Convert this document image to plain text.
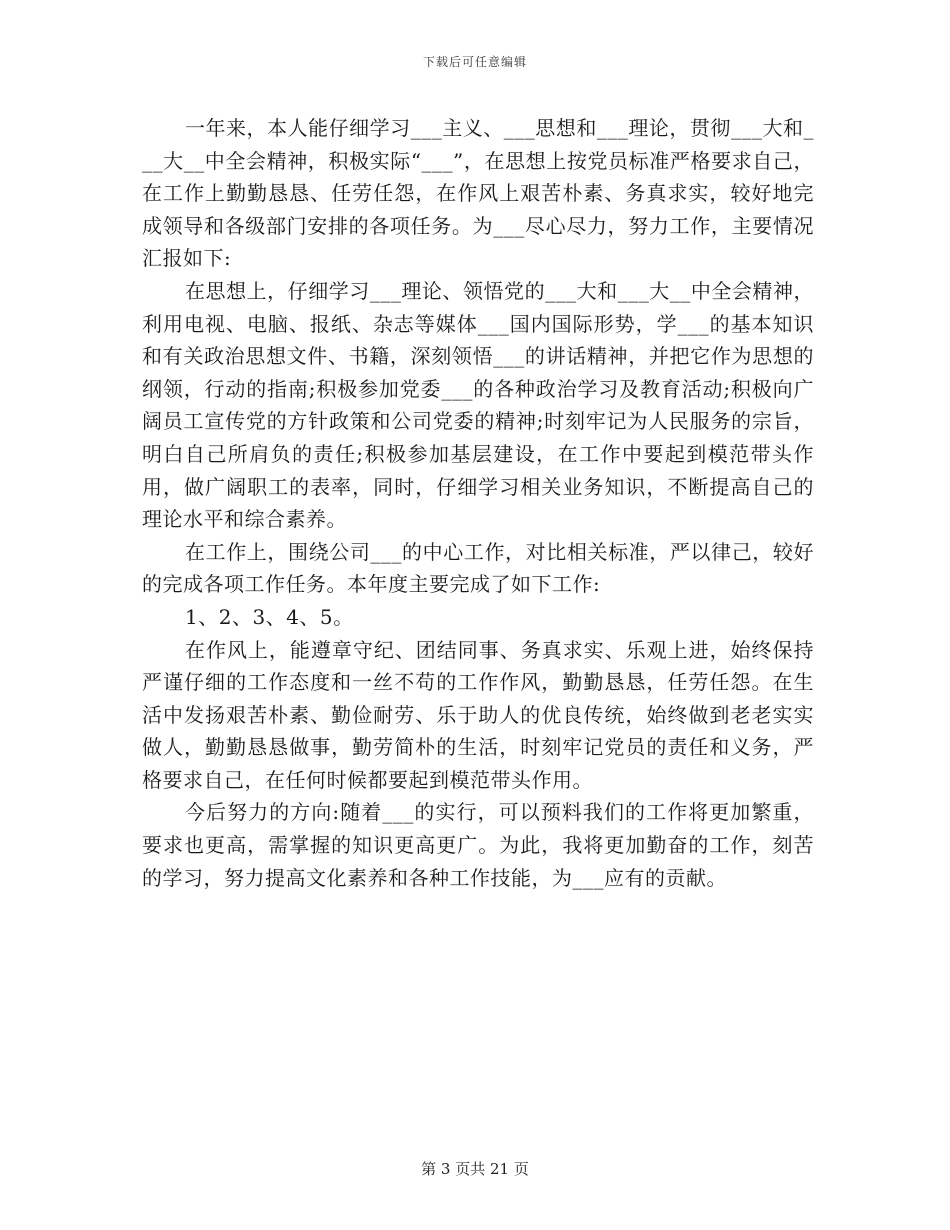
下载后可任意编辑

一年来，本人能仔细学习___主义、___思想和___理论，贯彻___大和___大__中全会精神，积极实际“___”，在思想上按党员标准严格要求自己，在工作上勤勤恳恳、任劳任怨，在作风上艰苦朴素、务真求实，较好地完成领导和各级部门安排的各项任务。为___尽心尽力，努力工作，主要情况汇报如下:

在思想上，仔细学习___理论、领悟党的___大和___大__中全会精神，利用电视、电脑、报纸、杂志等媒体___国内国际形势，学___的基本知识和有关政治思想文件、书籍，深刻领悟___的讲话精神，并把它作为思想的纲领，行动的指南;积极参加党委___的各种政治学习及教育活动;积极向广阔员工宣传党的方针政策和公司党委的精神;时刻牢记为人民服务的宗旨，明白自己所肩负的责任;积极参加基层建设，在工作中要起到模范带头作用，做广阔职工的表率，同时，仔细学习相关业务知识，不断提高自己的理论水平和综合素养。

在工作上，围绕公司___的中心工作，对比相关标准，严以律己，较好的完成各项工作任务。本年度主要完成了如下工作:

1、2、3、4、5。

在作风上，能遵章守纪、团结同事、务真求实、乐观上进，始终保持严谨仔细的工作态度和一丝不苟的工作作风，勤勤恳恳，任劳任怨。在生活中发扬艰苦朴素、勤俭耐劳、乐于助人的优良传统，始终做到老老实实做人，勤勤恳恳做事，勤劳简朴的生活，时刻牢记党员的责任和义务，严格要求自己，在任何时候都要起到模范带头作用。

今后努力的方向:随着___的实行，可以预料我们的工作将更加繁重，要求也更高，需掌握的知识更高更广。为此，我将更加勤奋的工作，刻苦的学习，努力提高文化素养和各种工作技能，为___应有的贡献。

第 3 页共 21 页
